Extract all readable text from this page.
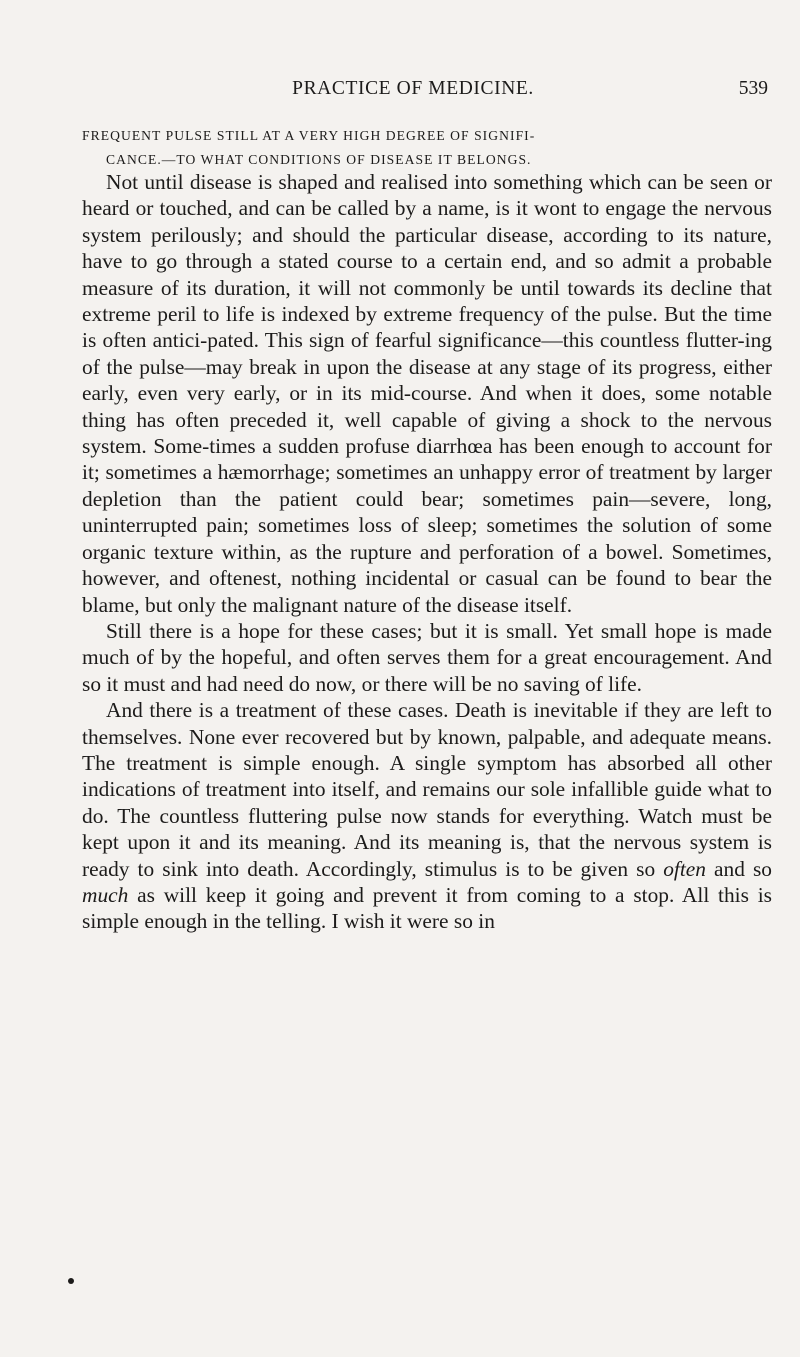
PRACTICE OF MEDICINE.	539
FREQUENT PULSE STILL AT A VERY HIGH DEGREE OF SIGNIFI-
CANCE.—TO WHAT CONDITIONS OF DISEASE IT BELONGS.

Not until disease is shaped and realised into something which can be seen or heard or touched, and can be called by a name, is it wont to engage the nervous system perilously; and should the particular disease, according to its nature, have to go through a stated course to a certain end, and so admit a probable measure of its duration, it will not commonly be until towards its decline that extreme peril to life is indexed by extreme frequency of the pulse. But the time is often antici-pated. This sign of fearful significance—this countless flutter-ing of the pulse—may break in upon the disease at any stage of its progress, either early, even very early, or in its mid-course. And when it does, some notable thing has often preceded it, well capable of giving a shock to the nervous system. Some-times a sudden profuse diarrhœa has been enough to account for it; sometimes a hæmorrhage; sometimes an unhappy error of treatment by larger depletion than the patient could bear; sometimes pain—severe, long, uninterrupted pain; sometimes loss of sleep; sometimes the solution of some organic texture within, as the rupture and perforation of a bowel. Sometimes, however, and oftenest, nothing incidental or casual can be found to bear the blame, but only the malignant nature of the disease itself.

Still there is a hope for these cases; but it is small. Yet small hope is made much of by the hopeful, and often serves them for a great encouragement. And so it must and had need do now, or there will be no saving of life.

And there is a treatment of these cases. Death is inevitable if they are left to themselves. None ever recovered but by known, palpable, and adequate means. The treatment is simple enough. A single symptom has absorbed all other indications of treatment into itself, and remains our sole infallible guide what to do. The countless fluttering pulse now stands for everything. Watch must be kept upon it and its meaning. And its meaning is, that the nervous system is ready to sink into death. Accordingly, stimulus is to be given so often and so much as will keep it going and prevent it from coming to a stop. All this is simple enough in the telling. I wish it were so in
